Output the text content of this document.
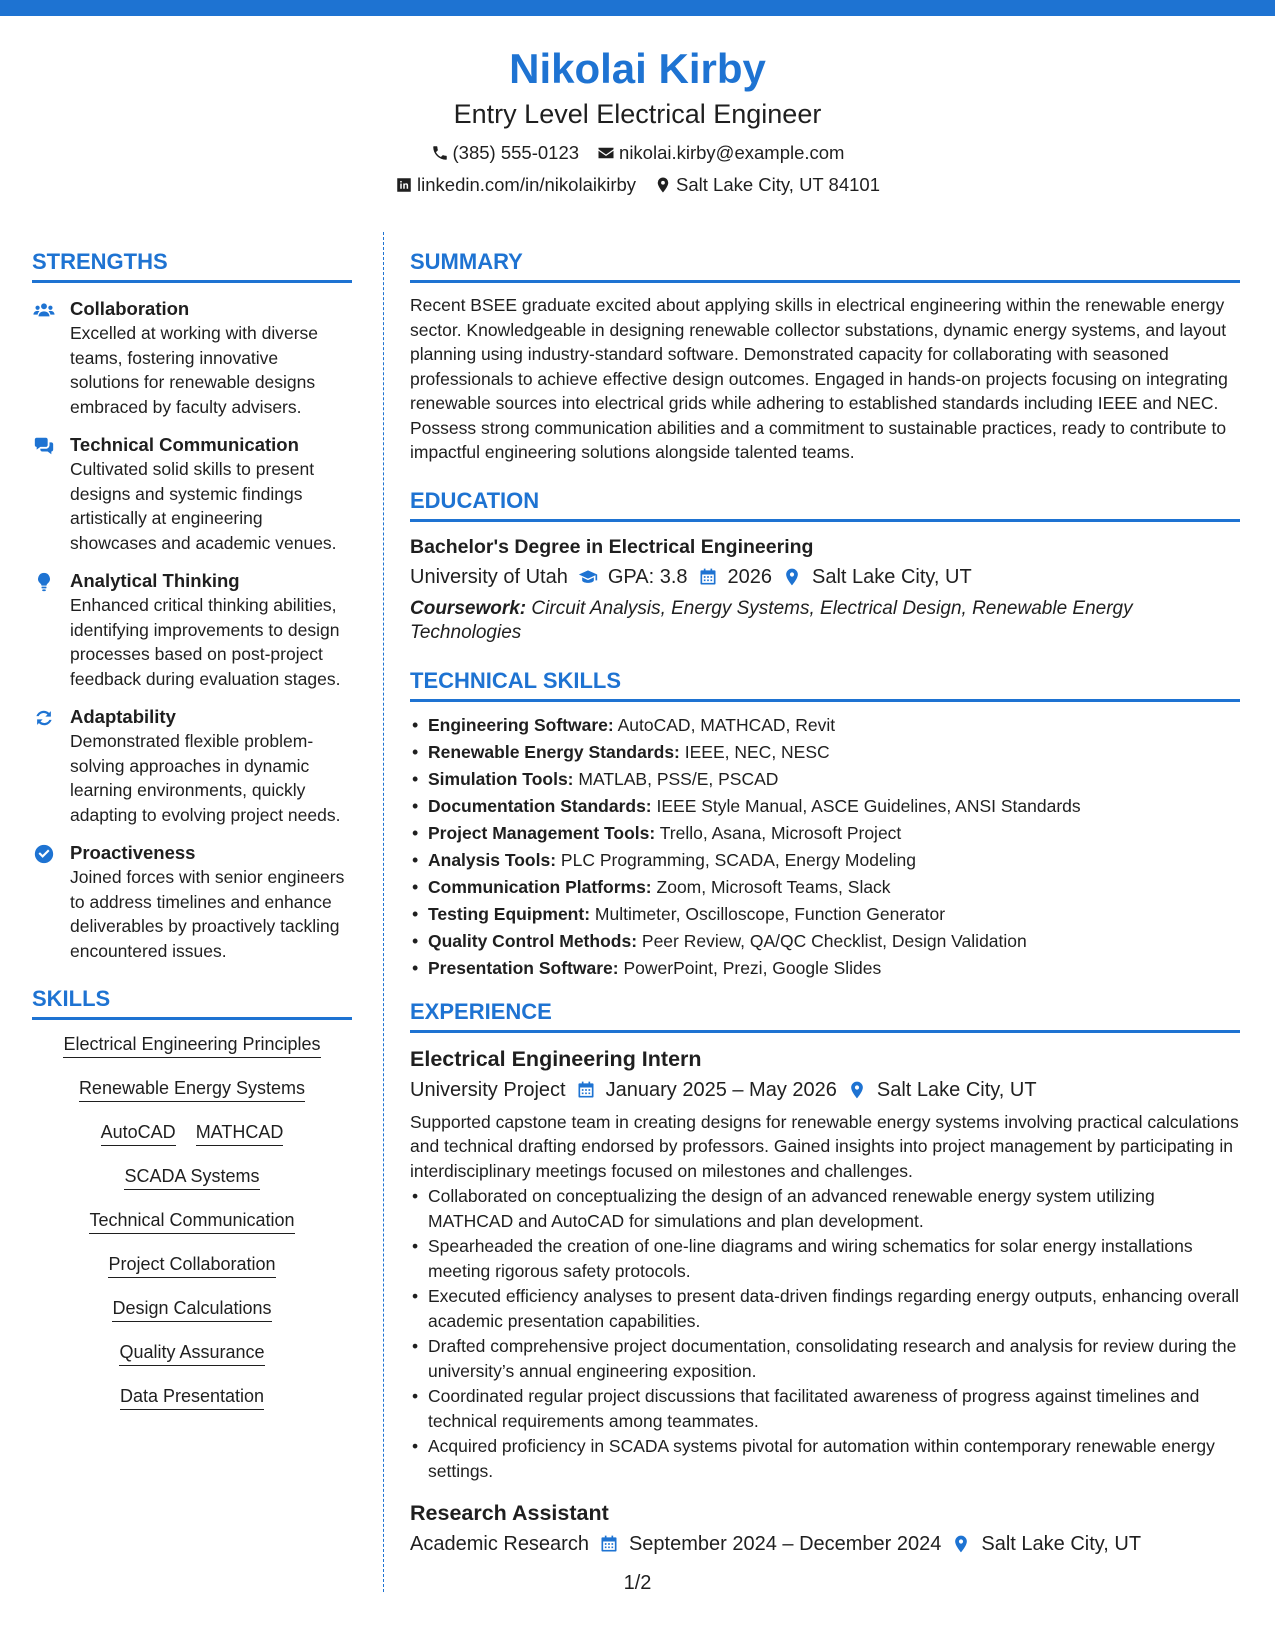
Nikolai Kirby
Entry Level Electrical Engineer
(385) 555-0123 nikolai.kirby@example.com
linkedin.com/in/nikolaikirby Salt Lake City, UT 84101
STRENGTHS
Collaboration
Excelled at working with diverse teams, fostering innovative solutions for renewable designs embraced by faculty advisers.
Technical Communication
Cultivated solid skills to present designs and systemic findings artistically at engineering showcases and academic venues.
Analytical Thinking
Enhanced critical thinking abilities, identifying improvements to design processes based on post-project feedback during evaluation stages.
Adaptability
Demonstrated flexible problem-solving approaches in dynamic learning environments, quickly adapting to evolving project needs.
Proactiveness
Joined forces with senior engineers to address timelines and enhance deliverables by proactively tackling encountered issues.
SKILLS
Electrical Engineering Principles
Renewable Energy Systems
AutoCAD MATHCAD
SCADA Systems
Technical Communication
Project Collaboration
Design Calculations
Quality Assurance
Data Presentation
SUMMARY
Recent BSEE graduate excited about applying skills in electrical engineering within the renewable energy sector. Knowledgeable in designing renewable collector substations, dynamic energy systems, and layout planning using industry-standard software. Demonstrated capacity for collaborating with seasoned professionals to achieve effective design outcomes. Engaged in hands-on projects focusing on integrating renewable sources into electrical grids while adhering to established standards including IEEE and NEC. Possess strong communication abilities and a commitment to sustainable practices, ready to contribute to impactful engineering solutions alongside talented teams.
EDUCATION
Bachelor's Degree in Electrical Engineering
University of Utah GPA: 3.8 2026 Salt Lake City, UT
Coursework: Circuit Analysis, Energy Systems, Electrical Design, Renewable Energy Technologies
TECHNICAL SKILLS
• Engineering Software: AutoCAD, MATHCAD, Revit
• Renewable Energy Standards: IEEE, NEC, NESC
• Simulation Tools: MATLAB, PSS/E, PSCAD
• Documentation Standards: IEEE Style Manual, ASCE Guidelines, ANSI Standards
• Project Management Tools: Trello, Asana, Microsoft Project
• Analysis Tools: PLC Programming, SCADA, Energy Modeling
• Communication Platforms: Zoom, Microsoft Teams, Slack
• Testing Equipment: Multimeter, Oscilloscope, Function Generator
• Quality Control Methods: Peer Review, QA/QC Checklist, Design Validation
• Presentation Software: PowerPoint, Prezi, Google Slides
EXPERIENCE
Electrical Engineering Intern
University Project January 2025 – May 2026 Salt Lake City, UT
Supported capstone team in creating designs for renewable energy systems involving practical calculations and technical drafting endorsed by professors. Gained insights into project management by participating in interdisciplinary meetings focused on milestones and challenges.
• Collaborated on conceptualizing the design of an advanced renewable energy system utilizing MATHCAD and AutoCAD for simulations and plan development.
• Spearheaded the creation of one-line diagrams and wiring schematics for solar energy installations meeting rigorous safety protocols.
• Executed efficiency analyses to present data-driven findings regarding energy outputs, enhancing overall academic presentation capabilities.
• Drafted comprehensive project documentation, consolidating research and analysis for review during the university’s annual engineering exposition.
• Coordinated regular project discussions that facilitated awareness of progress against timelines and technical requirements among teammates.
• Acquired proficiency in SCADA systems pivotal for automation within contemporary renewable energy settings.
Research Assistant
Academic Research September 2024 – December 2024 Salt Lake City, UT
1/2
